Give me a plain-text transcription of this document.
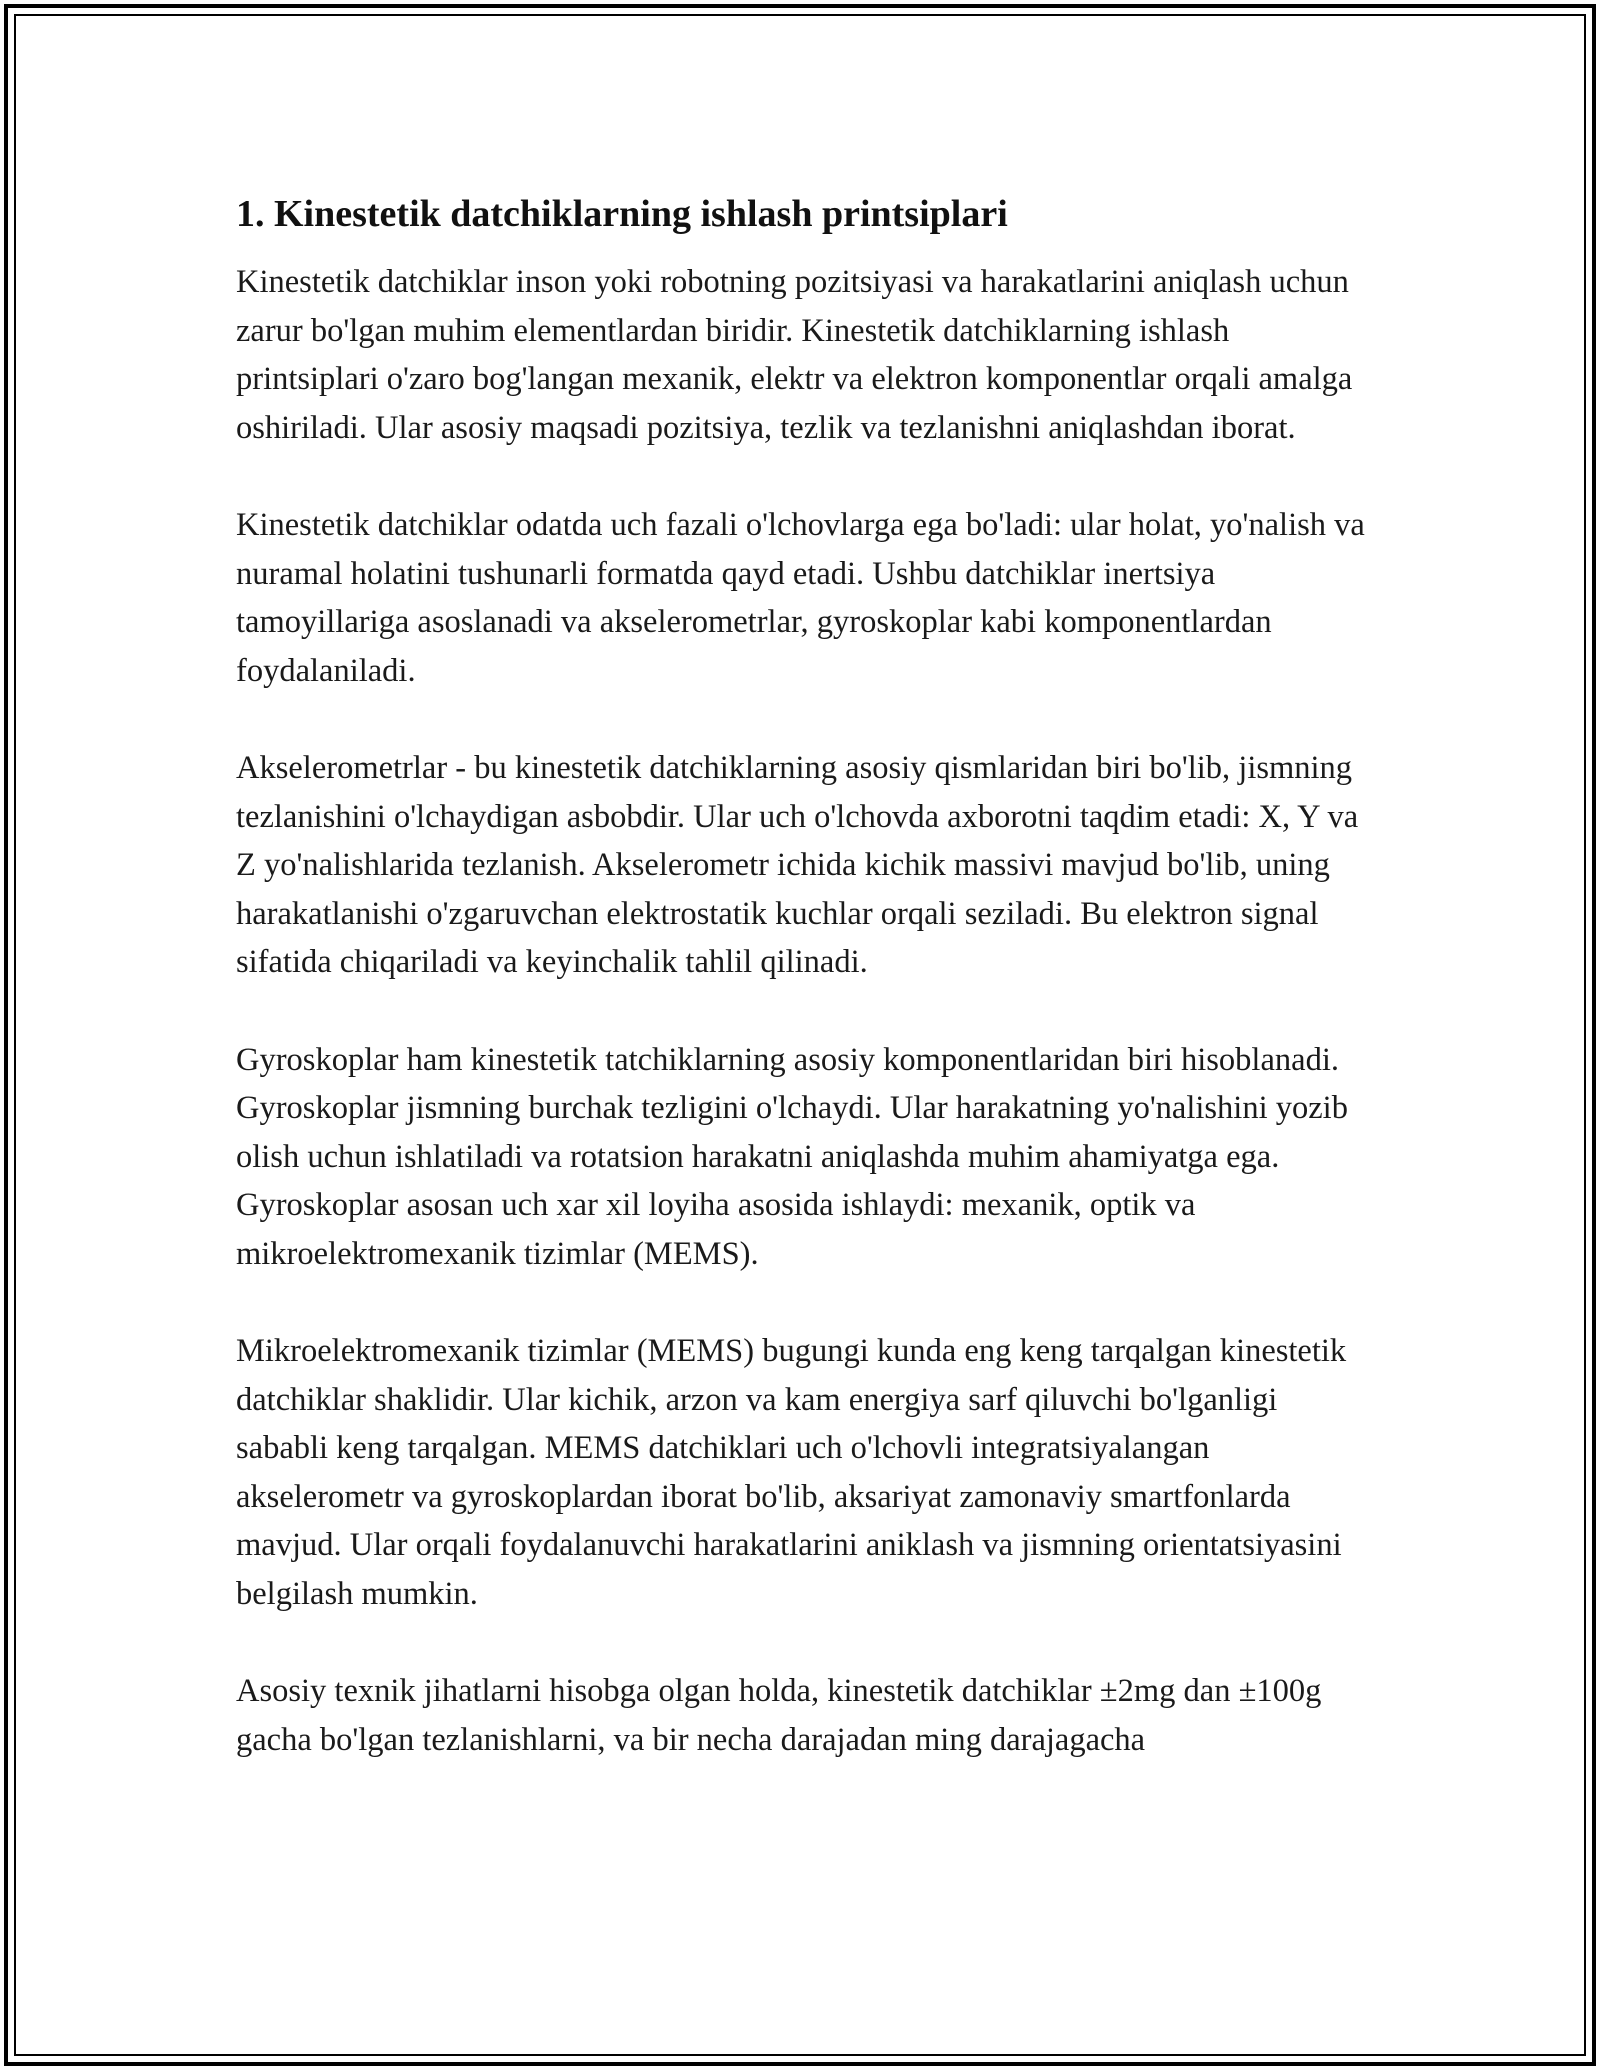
1. Kinestetik datchiklarning ishlash printsiplari

Kinestetik datchiklar inson yoki robotning pozitsiyasi va harakatlarini aniqlash uchun zarur bo'lgan muhim elementlardan biridir. Kinestetik datchiklarning ishlash printsiplari o'zaro bog'langan mexanik, elektr va elektron komponentlar orqali amalga oshiriladi. Ular asosiy maqsadi pozitsiya, tezlik va tezlanishni aniqlashdan iborat.

Kinestetik datchiklar odatda uch fazali o'lchovlarga ega bo'ladi: ular holat, yo'nalish va nuramal holatini tushunarli formatda qayd etadi. Ushbu datchiklar inertsiya tamoyillariga asoslanadi va akselerometrlar, gyroskoplar kabi komponentlardan foydalaniladi.

Akselerometrlar - bu kinestetik datchiklarning asosiy qismlaridan biri bo'lib, jismning tezlanishini o'lchaydigan asbobdir. Ular uch o'lchovda axborotni taqdim etadi: X, Y va Z yo'nalishlarida tezlanish. Akselerometr ichida kichik massivi mavjud bo'lib, uning harakatlanishi o'zgaruvchan elektrostatik kuchlar orqali seziladi. Bu elektron signal sifatida chiqariladi va keyinchalik tahlil qilinadi.

Gyroskoplar ham kinestetik tatchiklarning asosiy komponentlaridan biri hisoblanadi. Gyroskoplar jismning burchak tezligini o'lchaydi. Ular harakatning yo'nalishini yozib olish uchun ishlatiladi va rotatsion harakatni aniqlashda muhim ahamiyatga ega. Gyroskoplar asosan uch xar xil loyiha asosida ishlaydi: mexanik, optik va mikroelektromexanik tizimlar (MEMS).

Mikroelektromexanik tizimlar (MEMS) bugungi kunda eng keng tarqalgan kinestetik datchiklar shaklidir. Ular kichik, arzon va kam energiya sarf qiluvchi bo'lganligi sababli keng tarqalgan. MEMS datchiklari uch o'lchovli integratsiyalangan akselerometr va gyroskoplardan iborat bo'lib, aksariyat zamonaviy smartfonlarda mavjud. Ular orqali foydalanuvchi harakatlarini aniklash va jismning orientatsiyasini belgilash mumkin.

Asosiy texnik jihatlarni hisobga olgan holda, kinestetik datchiklar ±2mg dan ±100g gacha bo'lgan tezlanishlarni, va bir necha darajadan ming darajagacha
